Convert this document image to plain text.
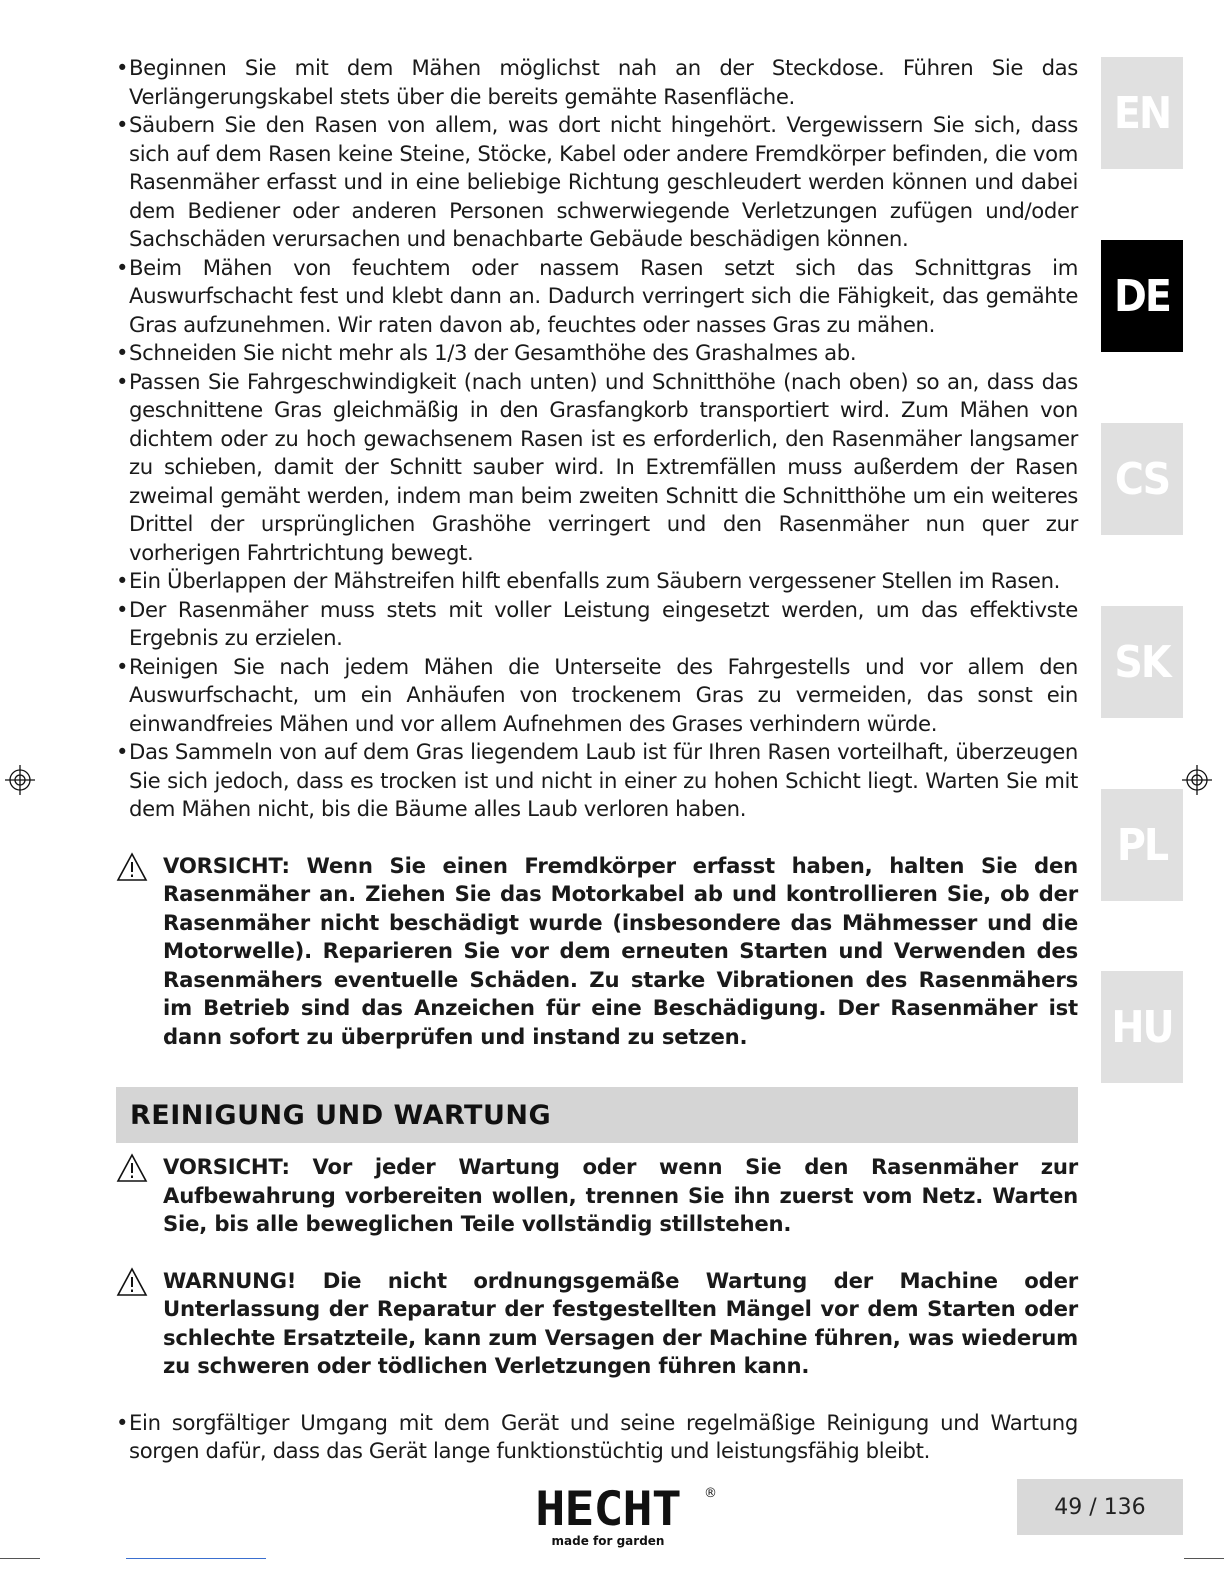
• Beginnen Sie mit dem Mähen möglichst nah an der Steckdose. Führen Sie das Verlängerungskabel stets über die bereits gemähte Rasenfläche.
• Säubern Sie den Rasen von allem, was dort nicht hingehört. Vergewissern Sie sich, dass sich auf dem Rasen keine Steine, Stöcke, Kabel oder andere Fremdkörper befinden, die vom Rasenmäher erfasst und in eine beliebige Richtung geschleudert werden können und dabei dem Bediener oder anderen Personen schwerwiegende Verletzungen zufügen und/oder Sachschäden verursachen und benachbarte Gebäude beschädigen können.
• Beim Mähen von feuchtem oder nassem Rasen setzt sich das Schnittgras im Auswurfschacht fest und klebt dann an. Dadurch verringert sich die Fähigkeit, das gemähte Gras aufzunehmen. Wir raten davon ab, feuchtes oder nasses Gras zu mähen.
• Schneiden Sie nicht mehr als 1/3 der Gesamthöhe des Grashalmes ab.
• Passen Sie Fahrgeschwindigkeit (nach unten) und Schnitthöhe (nach oben) so an, dass das geschnittene Gras gleichmäßig in den Grasfangkorb transportiert wird. Zum Mähen von dichtem oder zu hoch gewachsenem Rasen ist es erforderlich, den Rasenmäher langsamer zu schieben, damit der Schnitt sauber wird. In Extremfällen muss außerdem der Rasen zweimal gemäht werden, indem man beim zweiten Schnitt die Schnitthöhe um ein weiteres Drittel der ursprünglichen Grashöhe verringert und den Rasenmäher nun quer zur vorherigen Fahrtrichtung bewegt.
• Ein Überlappen der Mähstreifen hilft ebenfalls zum Säubern vergessener Stellen im Rasen.
• Der Rasenmäher muss stets mit voller Leistung eingesetzt werden, um das effektivste Ergebnis zu erzielen.
• Reinigen Sie nach jedem Mähen die Unterseite des Fahrgestells und vor allem den Auswurfschacht, um ein Anhäufen von trockenem Gras zu vermeiden, das sonst ein einwandfreies Mähen und vor allem Aufnehmen des Grases verhindern würde.
• Das Sammeln von auf dem Gras liegendem Laub ist für Ihren Rasen vorteilhaft, überzeugen Sie sich jedoch, dass es trocken ist und nicht in einer zu hohen Schicht liegt. Warten Sie mit dem Mähen nicht, bis die Bäume alles Laub verloren haben.
VORSICHT: Wenn Sie einen Fremdkörper erfasst haben, halten Sie den Rasenmäher an. Ziehen Sie das Motorkabel ab und kontrollieren Sie, ob der Rasenmäher nicht beschädigt wurde (insbesondere das Mähmesser und die Motorwelle). Reparieren Sie vor dem erneuten Starten und Verwenden des Rasenmähers eventuelle Schäden. Zu starke Vibrationen des Rasenmähers im Betrieb sind das Anzeichen für eine Beschädigung. Der Rasenmäher ist dann sofort zu überprüfen und instand zu setzen.
REINIGUNG UND WARTUNG
VORSICHT: Vor jeder Wartung oder wenn Sie den Rasenmäher zur Aufbewahrung vorbereiten wollen, trennen Sie ihn zuerst vom Netz. Warten Sie, bis alle beweglichen Teile vollständig stillstehen.
WARNUNG! Die nicht ordnungsgemäße Wartung der Machine oder Unterlassung der Reparatur der festgestellten Mängel vor dem Starten oder schlechte Ersatzteile, kann zum Versagen der Machine führen, was wiederum zu schweren oder tödlichen Verletzungen führen kann.
• Ein sorgfältiger Umgang mit dem Gerät und seine regelmäßige Reinigung und Wartung sorgen dafür, dass das Gerät lange funktionstüchtig und leistungsfähig bleibt.
EN
DE
CS
SK
PL
HU
HECHT	®
made for garden
49 / 136
